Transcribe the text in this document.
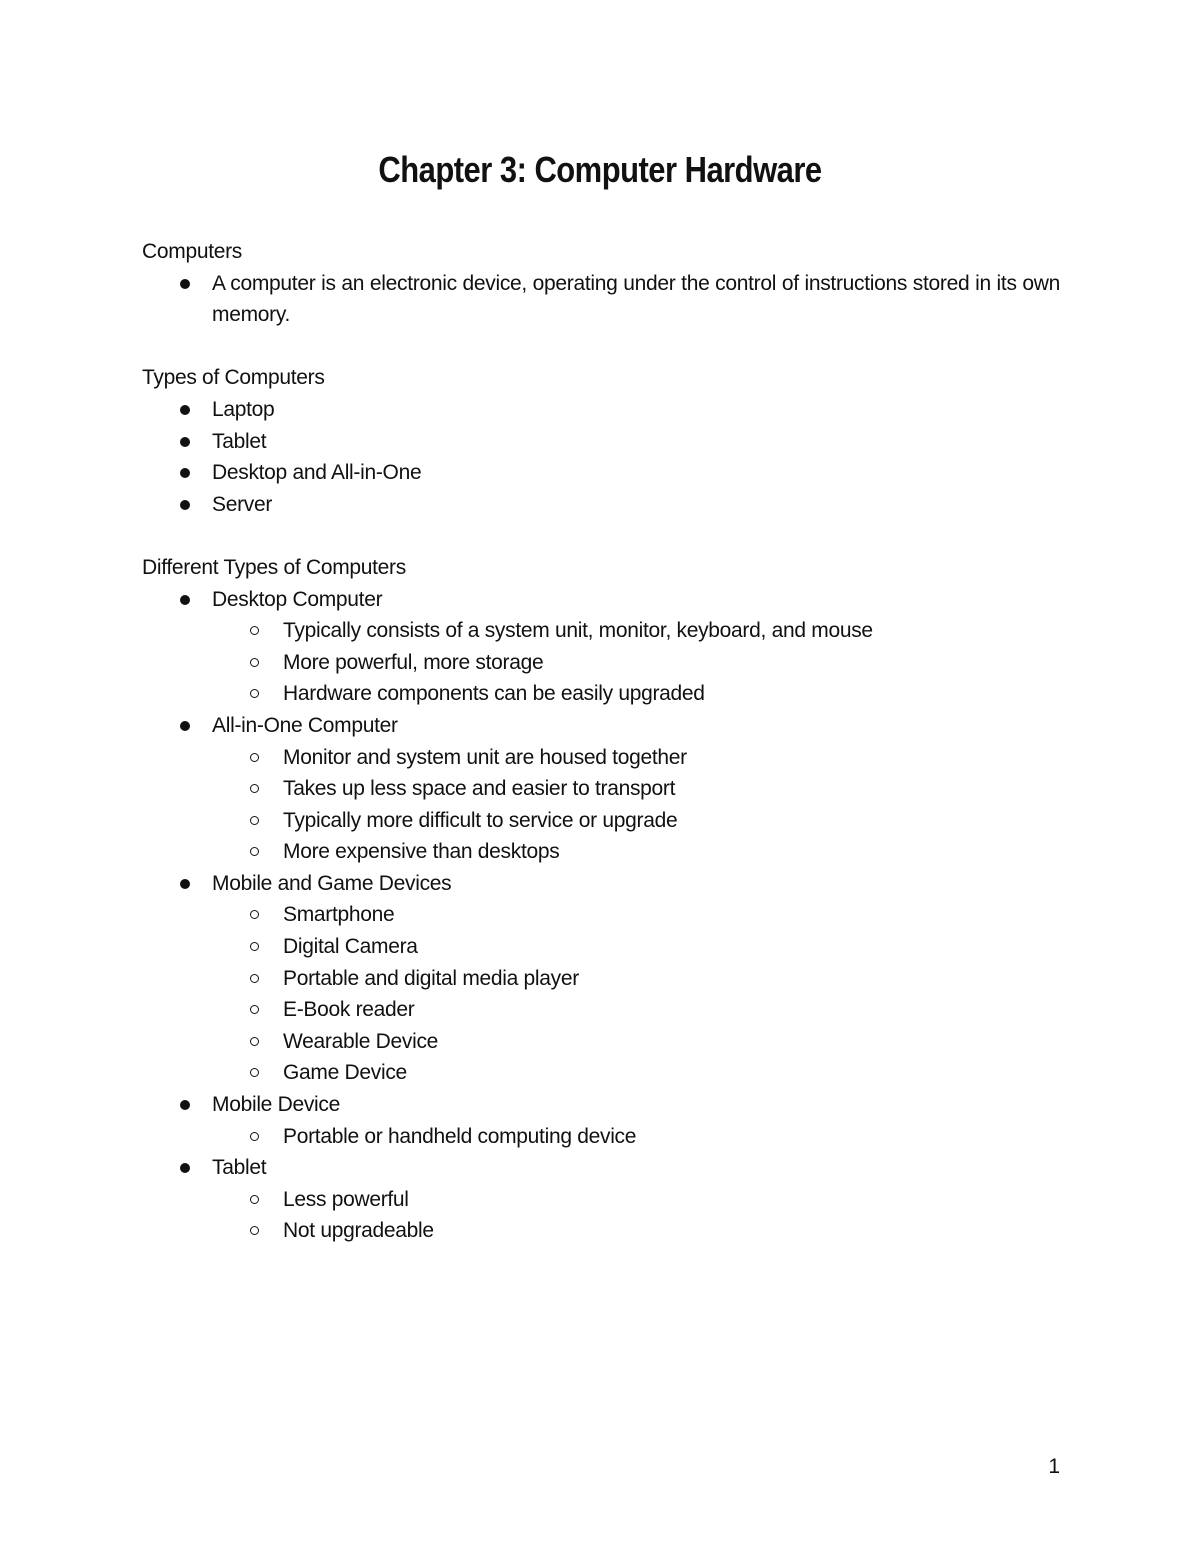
Chapter 3: Computer Hardware

Computers

A computer is an electronic device, operating under the control of instructions stored in its own memory.

Types of Computers

Laptop
Tablet
Desktop and All-in-One
Server

Different Types of Computers

Desktop Computer
Typically consists of a system unit, monitor, keyboard, and mouse
More powerful, more storage
Hardware components can be easily upgraded
All-in-One Computer
Monitor and system unit are housed together
Takes up less space and easier to transport
Typically more difficult to service or upgrade
More expensive than desktops
Mobile and Game Devices
Smartphone
Digital Camera
Portable and digital media player
E-Book reader
Wearable Device
Game Device
Mobile Device
Portable or handheld computing device
Tablet
Less powerful
Not upgradeable
1
